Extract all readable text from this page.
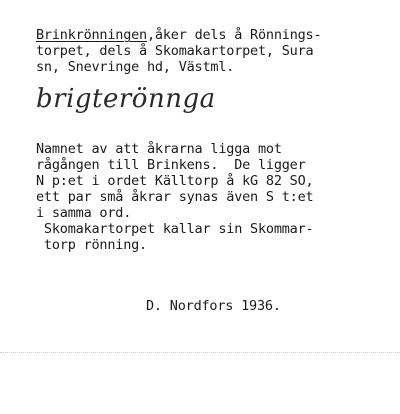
Brinkrönningen,åker dels å Rönnings-

torpet, dels å Skomakartorpet, Sura

sn, Snevringe hd, Västml.

brigterönnga

Namnet av att åkrarna ligga mot

rågången till Brinkens.  De ligger

N p:et i ordet Källtorp å kG 82 SO,

ett par små åkrar synas även S t:et

i samma ord.

Skomakartorpet kallar sin Skommar-

torp rönning.

D. Nordfors 1936.
